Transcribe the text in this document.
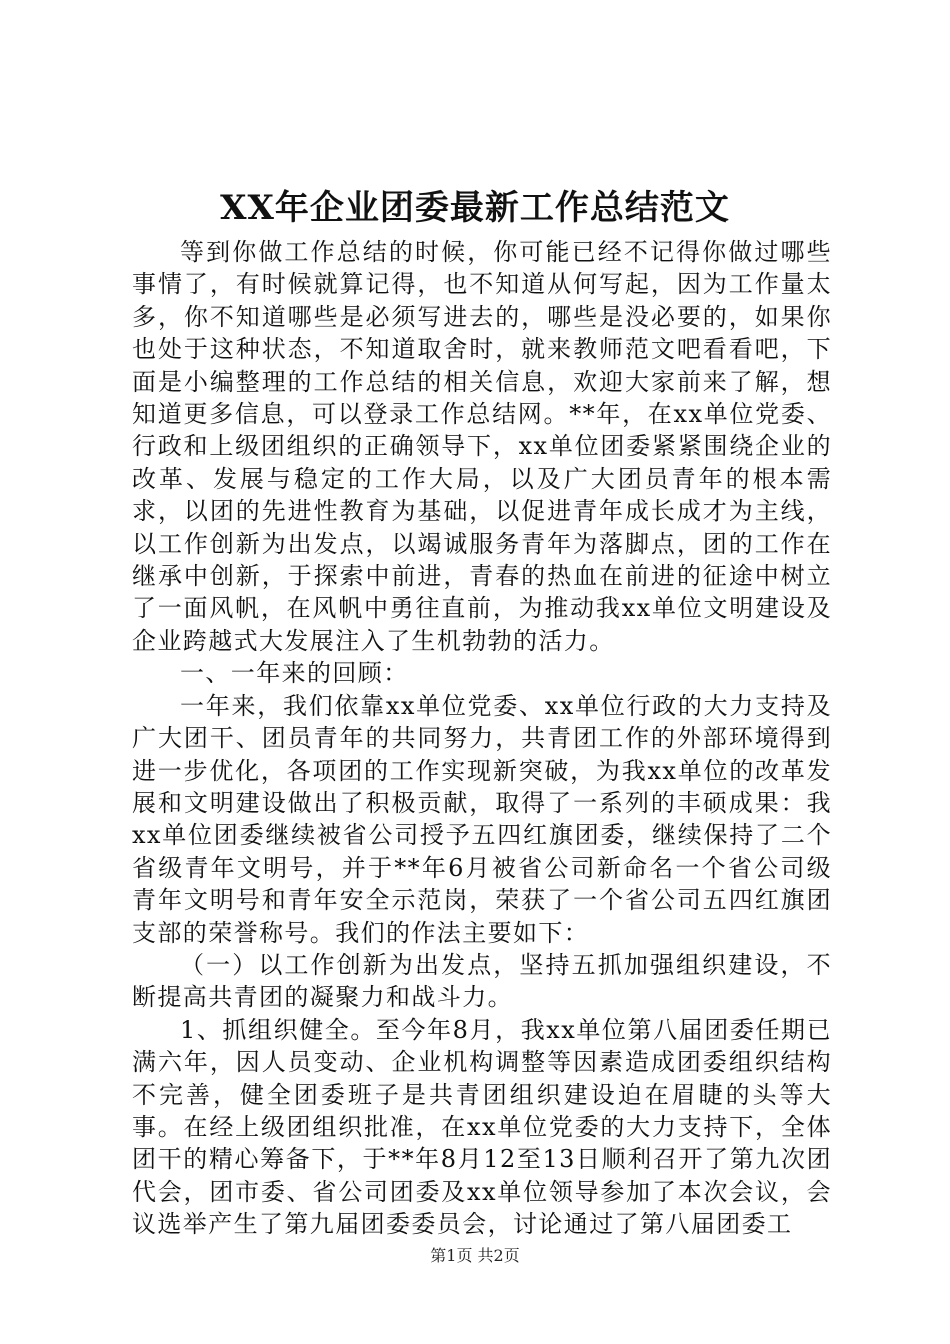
XX年企业团委最新工作总结范文

等到你做工作总结的时候，你可能已经不记得你做过哪些事情了，有时候就算记得，也不知道从何写起，因为工作量太多，你不知道哪些是必须写进去的，哪些是没必要的，如果你也处于这种状态，不知道取舍时，就来教师范文吧看看吧，下面是小编整理的工作总结的相关信息，欢迎大家前来了解，想知道更多信息，可以登录工作总结网。**年，在xx单位党委、行政和上级团组织的正确领导下，xx单位团委紧紧围绕企业的改革、发展与稳定的工作大局，以及广大团员青年的根本需求，以团的先进性教育为基础，以促进青年成长成才为主线，以工作创新为出发点，以竭诚服务青年为落脚点，团的工作在继承中创新，于探索中前进，青春的热血在前进的征途中树立了一面风帆，在风帆中勇往直前，为推动我xx单位文明建设及企业跨越式大发展注入了生机勃勃的活力。

一、一年来的回顾：

一年来，我们依靠xx单位党委、xx单位行政的大力支持及广大团干、团员青年的共同努力，共青团工作的外部环境得到进一步优化，各项团的工作实现新突破，为我xx单位的改革发展和文明建设做出了积极贡献，取得了一系列的丰硕成果：我xx单位团委继续被省公司授予五四红旗团委，继续保持了二个省级青年文明号，并于**年6月被省公司新命名一个省公司级青年文明号和青年安全示范岗，荣获了一个省公司五四红旗团支部的荣誉称号。我们的作法主要如下：

（一）以工作创新为出发点，坚持五抓加强组织建设，不断提高共青团的凝聚力和战斗力。

1、抓组织健全。至今年8月，我xx单位第八届团委任期已满六年，因人员变动、企业机构调整等因素造成团委组织结构不完善，健全团委班子是共青团组织建设迫在眉睫的头等大事。在经上级团组织批准，在xx单位党委的大力支持下，全体团干的精心筹备下，于**年8月12至13日顺利召开了第九次团代会，团市委、省公司团委及xx单位领导参加了本次会议，会议选举产生了第九届团委委员会，讨论通过了第八届团委工

第1页 共2页
